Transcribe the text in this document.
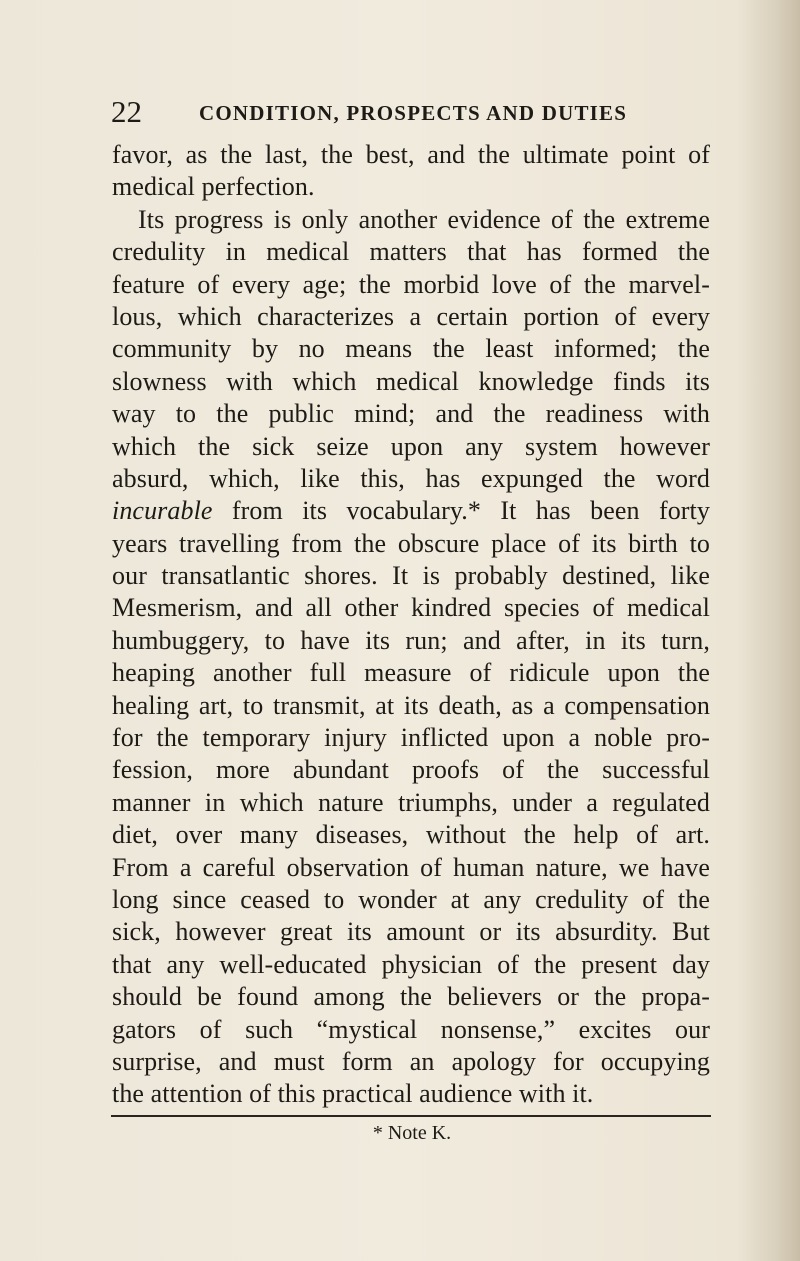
22	CONDITION, PROSPECTS AND DUTIES
favor, as the last, the best, and the ultimate point of
medical perfection.
Its progress is only another evidence of the extreme
credulity in medical matters that has formed the
feature of every age; the morbid love of the marvel-
lous, which characterizes a certain portion of every
community by no means the least informed; the
slowness with which medical knowledge finds its
way to the public mind; and the readiness with
which the sick seize upon any system however
absurd, which, like this, has expunged the word
incurable from its vocabulary.* It has been forty
years travelling from the obscure place of its birth to
our transatlantic shores. It is probably destined, like
Mesmerism, and all other kindred species of medical
humbuggery, to have its run; and after, in its turn,
heaping another full measure of ridicule upon the
healing art, to transmit, at its death, as a compensation
for the temporary injury inflicted upon a noble pro-
fession, more abundant proofs of the successful
manner in which nature triumphs, under a regulated
diet, over many diseases, without the help of art.
From a careful observation of human nature, we have
long since ceased to wonder at any credulity of the
sick, however great its amount or its absurdity. But
that any well-educated physician of the present day
should be found among the believers or the propa-
gators of such “mystical nonsense,” excites our
surprise, and must form an apology for occupying
the attention of this practical audience with it.
* Note K.
